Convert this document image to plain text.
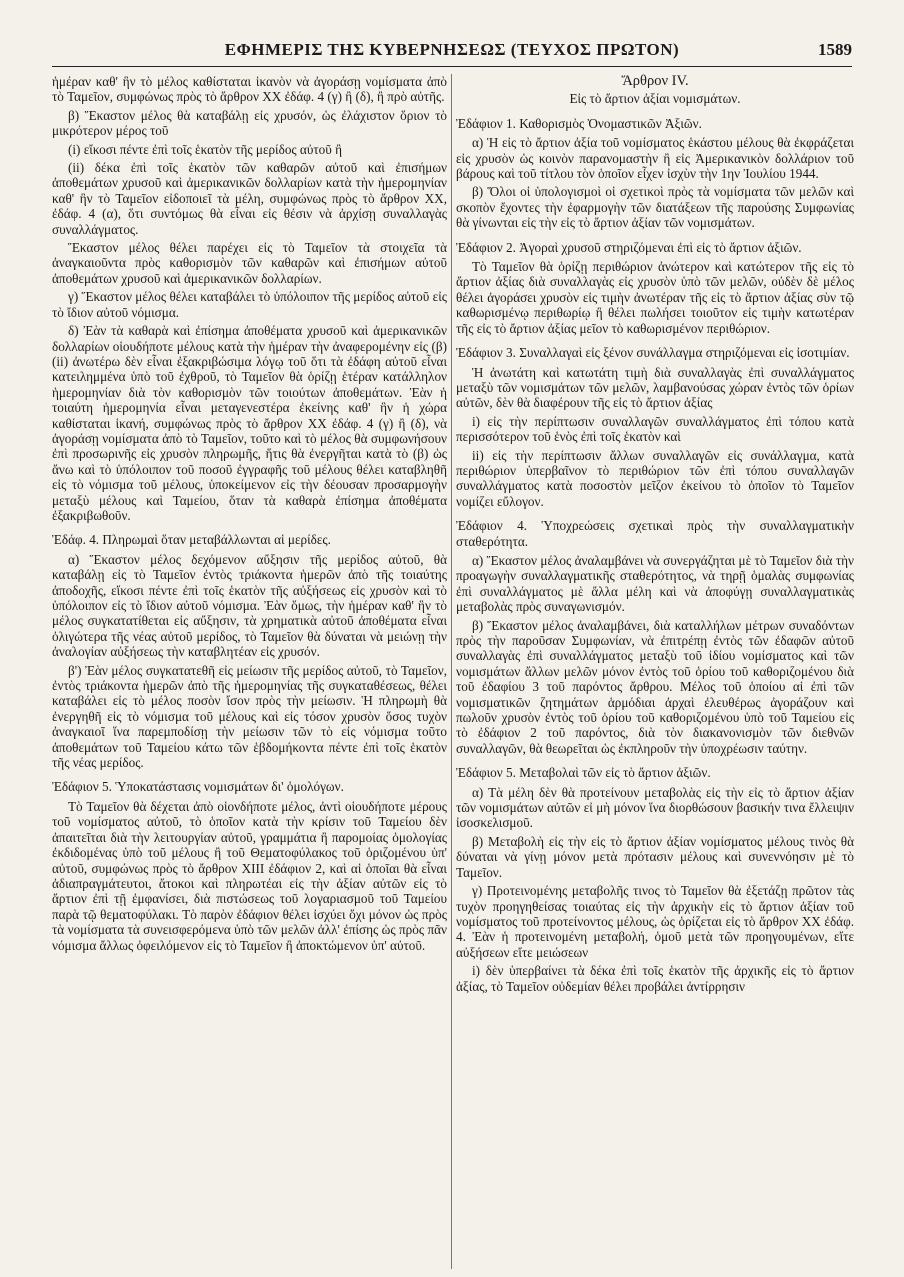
ΕΦΗΜΕΡΙΣ ΤΗΣ ΚΥΒΕΡΝΗΣΕΩΣ (ΤΕΥΧΟΣ ΠΡΩΤΟΝ)	1589

ἡμέραν καθ' ἣν τὸ μέλος καθίσταται ἱκανὸν νὰ ἀγοράσῃ νομίσματα ἀπὸ τὸ Ταμεῖον, συμφώνως πρὸς τὸ ἄρθρον XX ἐδάφ. 4 (γ) ἢ (δ), ἢ πρὸ αὐτῆς.

β) Ἕκαστον μέλος θὰ καταβάλῃ εἰς χρυσόν, ὡς ἐλάχιστον ὅριον τὸ μικρότερον μέρος τοῦ

(i) εἴκοσι πέντε ἐπὶ τοῖς ἑκατὸν τῆς μερίδος αὐτοῦ ἢ

(ii) δέκα ἐπὶ τοῖς ἑκατὸν τῶν καθαρῶν αὐτοῦ καὶ ἐπισήμων ἀποθεμάτων χρυσοῦ καὶ ἀμερικανικῶν δολλαρίων κατὰ τὴν ἡμερομηνίαν καθ' ἣν τὸ Ταμεῖον εἰδοποιεῖ τὰ μέλη, συμφώνως πρὸς τὸ ἄρθρον XX, ἐδάφ. 4 (α), ὅτι συντόμως θὰ εἶναι εἰς θέσιν νὰ ἀρχίσῃ συναλλαγὰς συναλλάγματος.

Ἕκαστον μέλος θέλει παρέχει εἰς τὸ Ταμεῖον τὰ στοιχεῖα τὰ ἀναγκαιοῦντα πρὸς καθορισμὸν τῶν καθαρῶν καὶ ἐπισήμων αὐτοῦ ἀποθεμάτων χρυσοῦ καὶ ἀμερικανικῶν δολλαρίων.

γ) Ἕκαστον μέλος θέλει καταβάλει τὸ ὑπόλοιπον τῆς μερίδος αὐτοῦ εἰς τὸ ἴδιον αὐτοῦ νόμισμα.

δ) Ἐὰν τὰ καθαρὰ καὶ ἐπίσημα ἀποθέματα χρυσοῦ καὶ ἀμερικανικῶν δολλαρίων οἱουδήποτε μέλους κατὰ τὴν ἡμέραν τὴν ἀναφερομένην εἰς (β) (ii) ἀνωτέρω δὲν εἶναι ἐξακριβώσιμα λόγῳ τοῦ ὅτι τὰ ἐδάφη αὐτοῦ εἶναι κατειλημμένα ὑπὸ τοῦ ἐχθροῦ, τὸ Ταμεῖον θὰ ὁρίζῃ ἑτέραν κατάλληλον ἡμερομηνίαν διὰ τὸν καθορισμὸν τῶν τοιούτων ἀποθεμάτων. Ἐὰν ἡ τοιαύτη ἡμερομηνία εἶναι μεταγενεστέρα ἐκείνης καθ' ἣν ἡ χώρα καθίσταται ἱκανή, συμφώνως πρὸς τὸ ἄρθρον XX ἐδάφ. 4 (γ) ἢ (δ), νὰ ἀγοράσῃ νομίσματα ἀπὸ τὸ Ταμεῖον, τοῦτο καὶ τὸ μέλος θὰ συμφωνήσουν ἐπὶ προσωρινῆς εἰς χρυσὸν πληρωμῆς, ἥτις θὰ ἐνεργῆται κατὰ τὸ (β) ὡς ἄνω καὶ τὸ ὑπόλοιπον τοῦ ποσοῦ ἐγγραφῆς τοῦ μέλους θέλει καταβληθῆ εἰς τὸ νόμισμα τοῦ μέλους, ὑποκείμενον εἰς τὴν δέουσαν προσαρμογὴν μεταξὺ μέλους καὶ Ταμείου, ὅταν τὰ καθαρὰ ἐπίσημα ἀποθέματα ἐξακριβωθοῦν.

Ἐδάφ. 4. Πληρωμαὶ ὅταν μεταβάλλωνται αἱ μερίδες.

α) Ἕκαστον μέλος δεχόμενον αὔξησιν τῆς μερίδος αὐτοῦ, θὰ καταβάλῃ εἰς τὸ Ταμεῖον ἐντὸς τριάκοντα ἡμερῶν ἀπὸ τῆς τοιαύτης ἀποδοχῆς, εἴκοσι πέντε ἐπὶ τοῖς ἑκατὸν τῆς αὐξήσεως εἰς χρυσὸν καὶ τὸ ὑπόλοιπον εἰς τὸ ἴδιον αὐτοῦ νόμισμα. Ἐὰν ὅμως, τὴν ἡμέραν καθ' ἣν τὸ μέλος συγκατατίθεται εἰς αὔξησιν, τὰ χρηματικὰ αὐτοῦ ἀποθέματα εἶναι ὀλιγώτερα τῆς νέας αὐτοῦ μερίδος, τὸ Ταμεῖον θὰ δύναται νὰ μειώνῃ τὴν ἀναλογίαν αὐξήσεως τὴν καταβλητέαν εἰς χρυσόν.

β') Ἐὰν μέλος συγκατατεθῆ εἰς μείωσιν τῆς μερίδος αὐτοῦ, τὸ Ταμεῖον, ἐντὸς τριάκοντα ἡμερῶν ἀπὸ τῆς ἡμερομηνίας τῆς συγκαταθέσεως, θέλει καταβάλει εἰς τὸ μέλος ποσὸν ἴσον πρὸς τὴν μείωσιν. Ἡ πληρωμὴ θὰ ἐνεργηθῆ εἰς τὸ νόμισμα τοῦ μέλους καὶ εἰς τόσον χρυσὸν ὅσος τυχὸν ἀναγκαιοῖ ἵνα παρεμποδίσῃ τὴν μείωσιν τῶν τὸ εἰς νόμισμα τοῦτο ἀποθεμάτων τοῦ Ταμείου κάτω τῶν ἑβδομήκοντα πέντε ἐπὶ τοῖς ἑκατὸν τῆς νέας μερίδος.

Ἐδάφιον 5. Ὑποκατάστασις νομισμάτων δι' ὁμολόγων.

Τὸ Ταμεῖον θὰ δέχεται ἀπὸ οἱονδήποτε μέλος, ἀντὶ οἱουδήποτε μέρους τοῦ νομίσματος αὐτοῦ, τὸ ὁποῖον κατὰ τὴν κρίσιν τοῦ Ταμείου δὲν ἀπαιτεῖται διὰ τὴν λειτουργίαν αὐτοῦ, γραμμάτια ἢ παρομοίας ὁμολογίας ἐκδιδομένας ὑπὸ τοῦ μέλους ἢ τοῦ Θεματοφύλακος τοῦ ὁριζομένου ὑπ' αὐτοῦ, συμφώνως πρὸς τὸ ἄρθρον XIII ἐδάφιον 2, καὶ αἱ ὁποῖαι θὰ εἶναι ἀδιαπραγμάτευτοι, ἄτοκοι καὶ πληρωτέαι εἰς τὴν ἀξίαν αὐτῶν εἰς τὸ ἄρτιον ἐπὶ τῇ ἐμφανίσει, διὰ πιστώσεως τοῦ λογαριασμοῦ τοῦ Ταμείου παρὰ τῷ θεματοφύλακι. Τὸ παρὸν ἐδάφιον θέλει ἰσχύει ὄχι μόνον ὡς πρὸς τὰ νομίσματα τὰ συνεισφερόμενα ὑπὸ τῶν μελῶν ἀλλ' ἐπίσης ὡς πρὸς πᾶν νόμισμα ἄλλως ὀφειλόμενον εἰς τὸ Ταμεῖον ἢ ἀποκτώμενον ὑπ' αὐτοῦ.

Ἄρθρον IV.

Εἰς τὸ ἄρτιον ἀξίαι νομισμάτων.

Ἐδάφιον 1. Καθορισμὸς Ὀνομαστικῶν Ἀξιῶν.

α) Ἡ εἰς τὸ ἄρτιον ἀξία τοῦ νομίσματος ἑκάστου μέλους θὰ ἐκφράζεται εἰς χρυσὸν ὡς κοινὸν παρανομαστὴν ἢ εἰς Ἀμερικανικὸν δολλάριον τοῦ βάρους καὶ τοῦ τίτλου τὸν ὁποῖον εἶχεν ἰσχὺν τὴν 1ην Ἰουλίου 1944.

β) Ὅλοι οἱ ὑπολογισμοὶ οἱ σχετικοὶ πρὸς τὰ νομίσματα τῶν μελῶν καὶ σκοπὸν ἔχοντες τὴν ἐφαρμογὴν τῶν διατάξεων τῆς παρούσης Συμφωνίας θὰ γίνωνται εἰς τὴν εἰς τὸ ἄρτιον ἀξίαν τῶν νομισμάτων.

Ἐδάφιον 2. Ἀγοραὶ χρυσοῦ στηριζόμεναι ἐπὶ εἰς τὸ ἄρτιον ἀξιῶν.

Τὸ Ταμεῖον θὰ ὁρίζῃ περιθώριον ἀνώτερον καὶ κατώτερον τῆς εἰς τὸ ἄρτιον ἀξίας διὰ συναλλαγὰς εἰς χρυσὸν ὑπὸ τῶν μελῶν, οὐδὲν δὲ μέλος θέλει ἀγοράσει χρυσὸν εἰς τιμὴν ἀνωτέραν τῆς εἰς τὸ ἄρτιον ἀξίας σὺν τῷ καθωρισμένῳ περιθωρίῳ ἢ θέλει πωλήσει τοιοῦτον εἰς τιμὴν κατωτέραν τῆς εἰς τὸ ἄρτιον ἀξίας μεῖον τὸ καθωρισμένον περιθώριον.

Ἐδάφιον 3. Συναλλαγαὶ εἰς ξένον συνάλλαγμα στηριζόμεναι εἰς ἰσοτιμίαν.

Ἡ ἀνωτάτη καὶ κατωτάτη τιμὴ διὰ συναλλαγὰς ἐπὶ συναλλάγματος μεταξὺ τῶν νομισμάτων τῶν μελῶν, λαμβανούσας χώραν ἐντὸς τῶν ὁρίων αὐτῶν, δὲν θὰ διαφέρουν τῆς εἰς τὸ ἄρτιον ἀξίας

i) εἰς τὴν περίπτωσιν συναλλαγῶν συναλλάγματος ἐπὶ τόπου κατὰ περισσότερον τοῦ ἑνὸς ἐπὶ τοῖς ἑκατὸν καὶ

ii) εἰς τὴν περίπτωσιν ἄλλων συναλλαγῶν εἰς συνάλλαγμα, κατὰ περιθώριον ὑπερβαῖνον τὸ περιθώριον τῶν ἐπὶ τόπου συναλλαγῶν συναλλάγματος κατὰ ποσοστὸν μεῖζον ἐκείνου τὸ ὁποῖον τὸ Ταμεῖον νομίζει εὔλογον.

Ἐδάφιον 4. Ὑποχρεώσεις σχετικαὶ πρὸς τὴν συναλλαγματικὴν σταθερότητα.

α) Ἕκαστον μέλος ἀναλαμβάνει νὰ συνεργάζηται μὲ τὸ Ταμεῖον διὰ τὴν προαγωγὴν συναλλαγματικῆς σταθερότητος, νὰ τηρῇ ὁμαλὰς συμφωνίας ἐπὶ συναλλάγματος μὲ ἄλλα μέλη καὶ νὰ ἀποφύγῃ συναλλαγματικὰς μεταβολὰς πρὸς συναγωνισμόν.

β) Ἕκαστον μέλος ἀναλαμβάνει, διὰ καταλλήλων μέτρων συναδόντων πρὸς τὴν παροῦσαν Συμφωνίαν, νὰ ἐπιτρέπῃ ἐντὸς τῶν ἐδαφῶν αὐτοῦ συναλλαγὰς ἐπὶ συναλλάγματος μεταξὺ τοῦ ἰδίου νομίσματος καὶ τῶν νομισμάτων ἄλλων μελῶν μόνον ἐντὸς τοῦ ὁρίου τοῦ καθοριζομένου διὰ τοῦ ἐδαφίου 3 τοῦ παρόντος ἄρθρου. Μέλος τοῦ ὁποίου αἱ ἐπὶ τῶν νομισματικῶν ζητημάτων ἁρμόδιαι ἀρχαὶ ἐλευθέρως ἀγοράζουν καὶ πωλοῦν χρυσὸν ἐντὸς τοῦ ὁρίου τοῦ καθοριζομένου ὑπὸ τοῦ Ταμείου εἰς τὸ ἐδάφιον 2 τοῦ παρόντος, διὰ τὸν διακανονισμὸν τῶν διεθνῶν συναλλαγῶν, θὰ θεωρεῖται ὡς ἐκπληροῦν τὴν ὑποχρέωσιν ταύτην.

Ἐδάφιον 5. Μεταβολαὶ τῶν εἰς τὸ ἄρτιον ἀξιῶν.

α) Τὰ μέλη δὲν θὰ προτείνουν μεταβολὰς εἰς τὴν εἰς τὸ ἄρτιον ἀξίαν τῶν νομισμάτων αὐτῶν εἰ μὴ μόνον ἵνα διορθώσουν βασικήν τινα ἔλλειψιν ἰσοσκελισμοῦ.

β) Μεταβολὴ εἰς τὴν εἰς τὸ ἄρτιον ἀξίαν νομίσματος μέλους τινὸς θὰ δύναται νὰ γίνῃ μόνον μετὰ πρότασιν μέλους καὶ συνεννόησιν μὲ τὸ Ταμεῖον.

γ) Προτεινομένης μεταβολῆς τινος τὸ Ταμεῖον θὰ ἐξετάζῃ πρῶτον τὰς τυχὸν προηγηθείσας τοιαύτας εἰς τὴν ἀρχικὴν εἰς τὸ ἄρτιον ἀξίαν τοῦ νομίσματος τοῦ προτείνοντος μέλους, ὡς ὁρίζεται εἰς τὸ ἄρθρον XX ἐδάφ. 4. Ἐὰν ἡ προτεινομένη μεταβολή, ὁμοῦ μετὰ τῶν προηγουμένων, εἴτε αὐξήσεων εἴτε μειώσεων

i) δὲν ὑπερβαίνει τὰ δέκα ἐπὶ τοῖς ἑκατὸν τῆς ἀρχικῆς εἰς τὸ ἄρτιον ἀξίας, τὸ Ταμεῖον οὐδεμίαν θέλει προβάλει ἀντίρρησιν
